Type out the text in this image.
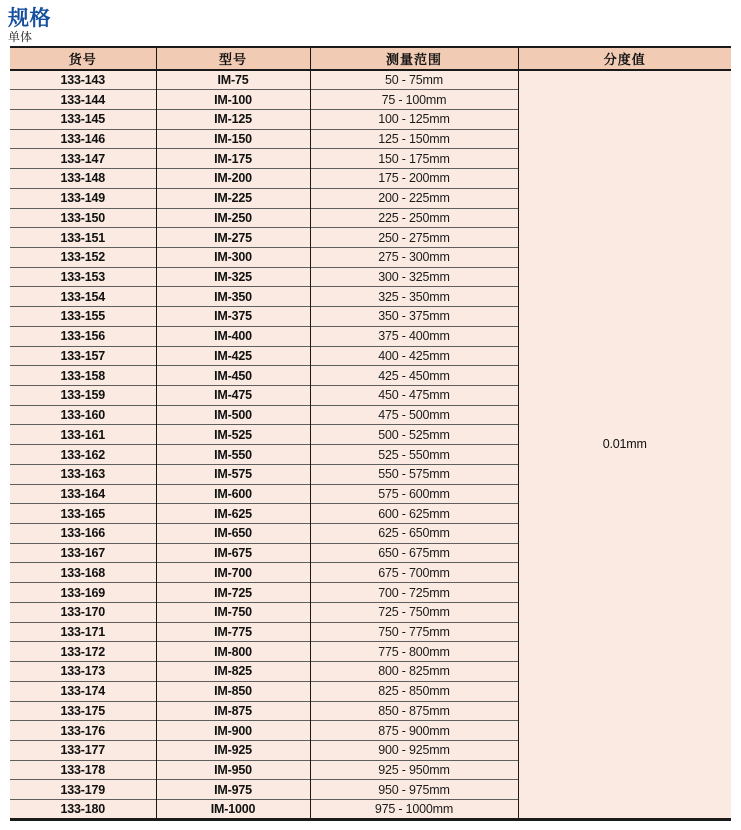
规格
单体
货号	型号	测量范围	分度值
133-143	IM-75	50 - 75mm	0.01mm
133-144	IM-100	75 - 100mm	
133-145	IM-125	100 - 125mm	
133-146	IM-150	125 - 150mm	
133-147	IM-175	150 - 175mm	
133-148	IM-200	175 - 200mm	
133-149	IM-225	200 - 225mm	
133-150	IM-250	225 - 250mm	
133-151	IM-275	250 - 275mm	
133-152	IM-300	275 - 300mm	
133-153	IM-325	300 - 325mm	
133-154	IM-350	325 - 350mm	
133-155	IM-375	350 - 375mm	
133-156	IM-400	375 - 400mm	
133-157	IM-425	400 - 425mm	
133-158	IM-450	425 - 450mm	
133-159	IM-475	450 - 475mm	
133-160	IM-500	475 - 500mm	
133-161	IM-525	500 - 525mm	
133-162	IM-550	525 - 550mm	
133-163	IM-575	550 - 575mm	
133-164	IM-600	575 - 600mm	
133-165	IM-625	600 - 625mm	
133-166	IM-650	625 - 650mm	
133-167	IM-675	650 - 675mm	
133-168	IM-700	675 - 700mm	
133-169	IM-725	700 - 725mm	
133-170	IM-750	725 - 750mm	
133-171	IM-775	750 - 775mm	
133-172	IM-800	775 - 800mm	
133-173	IM-825	800 - 825mm	
133-174	IM-850	825 - 850mm	
133-175	IM-875	850 - 875mm	
133-176	IM-900	875 - 900mm	
133-177	IM-925	900 - 925mm	
133-178	IM-950	925 - 950mm	
133-179	IM-975	950 - 975mm	
133-180	IM-1000	975 - 1000mm	
